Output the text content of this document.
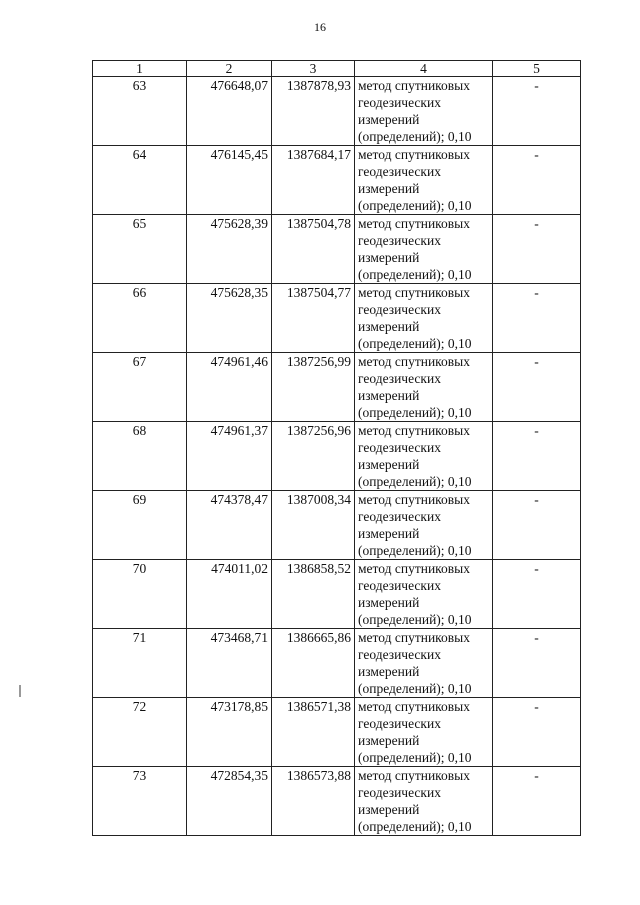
16
1	2	3	4	5
63	476648,07	1387878,93	метод спутниковых
геодезических
измерений
(определений); 0,10	-
64	476145,45	1387684,17	метод спутниковых
геодезических
измерений
(определений); 0,10	-
65	475628,39	1387504,78	метод спутниковых
геодезических
измерений
(определений); 0,10	-
66	475628,35	1387504,77	метод спутниковых
геодезических
измерений
(определений); 0,10	-
67	474961,46	1387256,99	метод спутниковых
геодезических
измерений
(определений); 0,10	-
68	474961,37	1387256,96	метод спутниковых
геодезических
измерений
(определений); 0,10	-
69	474378,47	1387008,34	метод спутниковых
геодезических
измерений
(определений); 0,10	-
70	474011,02	1386858,52	метод спутниковых
геодезических
измерений
(определений); 0,10	-
71	473468,71	1386665,86	метод спутниковых
геодезических
измерений
(определений); 0,10	-
72	473178,85	1386571,38	метод спутниковых
геодезических
измерений
(определений); 0,10	-
73	472854,35	1386573,88	метод спутниковых
геодезических
измерений
(определений); 0,10	-
